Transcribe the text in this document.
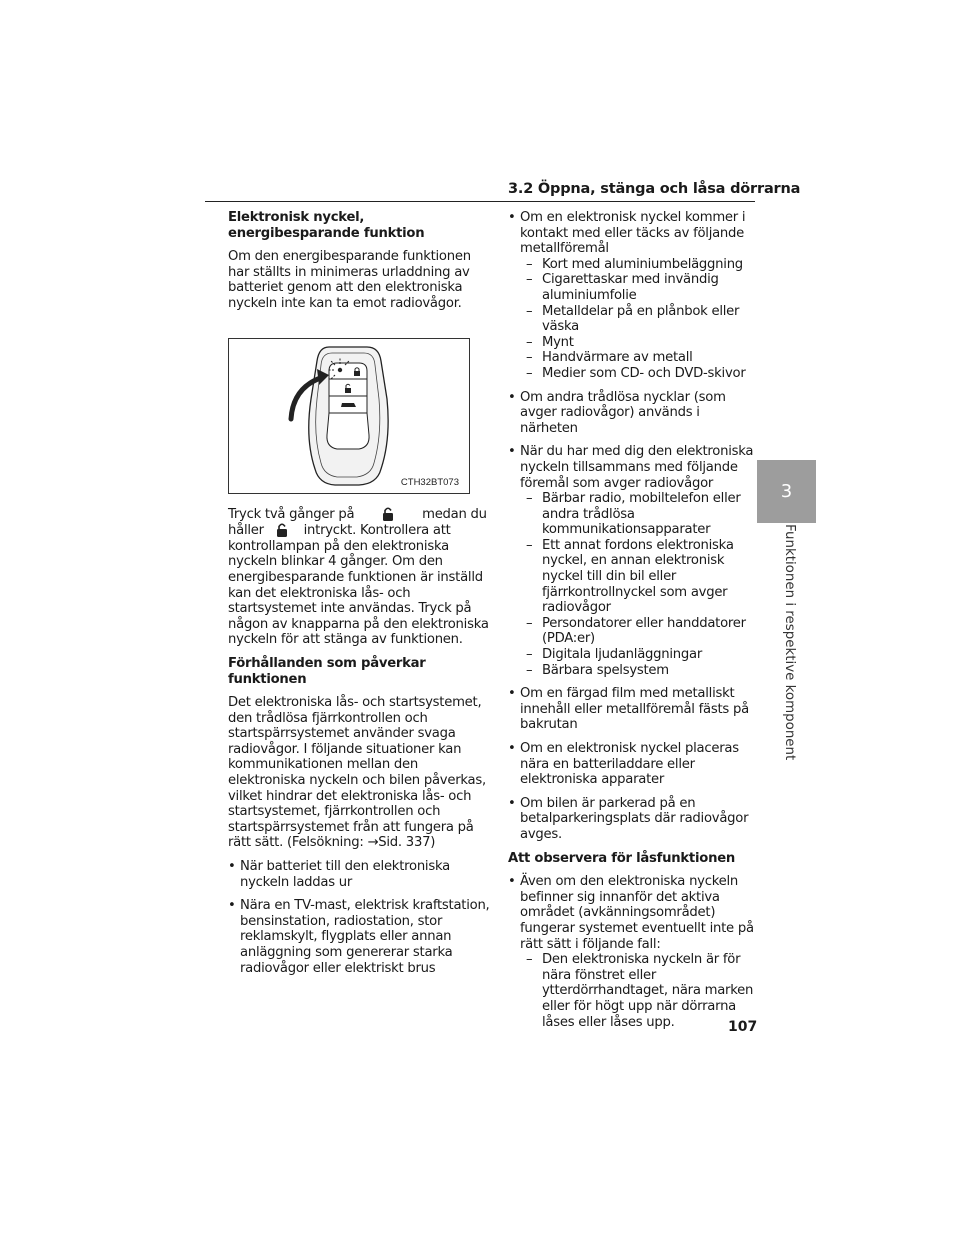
3.2 Öppna, stänga och låsa dörrarna
Elektronisk nyckel, energibesparande funktion

Om den energibesparande funktionen har ställts in minimeras urladdning av batteriet genom att den elektroniska nyckeln inte kan ta emot radiovågor.

CTH32BT073

Tryck två gånger på	medan du
håller	intryckt. Kontrollera att kontrollampan på den elektroniska nyckeln blinkar 4 gånger. Om den energibesparande funktionen är inställd kan det elektroniska lås- och startsystemet inte användas. Tryck på någon av knapparna på den elektroniska nyckeln för att stänga av funktionen.

Förhållanden som påverkar funktionen

Det elektroniska lås- och startsystemet, den trådlösa fjärrkontrollen och startspärrsystemet använder svaga radiovågor. I följande situationer kan kommunikationen mellan den elektroniska nyckeln och bilen påverkas, vilket hindrar det elektroniska lås- och startsystemet, fjärrkontrollen och startspärrsystemet från att fungera på rätt sätt. (Felsökning: →Sid. 337)

• När batteriet till den elektroniska nyckeln laddas ur
• Nära en TV-mast, elektrisk kraftstation, bensinstation, radiostation, stor reklamskylt, flygplats eller annan anläggning som genererar starka radiovågor eller elektriskt brus
• Om en elektronisk nyckel kommer i kontakt med eller täcks av följande metallföremål
– Kort med aluminiumbeläggning
– Cigarettaskar med invändig aluminiumfolie
– Metalldelar på en plånbok eller väska
– Mynt
– Handvärmare av metall
– Medier som CD- och DVD-skivor
• Om andra trådlösa nycklar (som avger radiovågor) används i närheten
• När du har med dig den elektroniska nyckeln tillsammans med följande föremål som avger radiovågor
– Bärbar radio, mobiltelefon eller andra trådlösa kommunikationsapparater
– Ett annat fordons elektroniska nyckel, en annan elektronisk nyckel till din bil eller fjärrkontrollnyckel som avger radiovågor
– Persondatorer eller handdatorer (PDA:er)
– Digitala ljudanläggningar
– Bärbara spelsystem
• Om en färgad film med metalliskt innehåll eller metallföremål fästs på bakrutan
• Om en elektronisk nyckel placeras nära en batteriladdare eller elektroniska apparater
• Om bilen är parkerad på en betalparkeringsplats där radiovågor avges.
Att observera för låsfunktionen
• Även om den elektroniska nyckeln befinner sig innanför det aktiva området (avkänningsområdet) fungerar systemet eventuellt inte på rätt sätt i följande fall:
– Den elektroniska nyckeln är för nära fönstret eller ytterdörrhandtaget, nära marken eller för högt upp när dörrarna låses eller låses upp.
3
Funktionen i respektive komponent
107
